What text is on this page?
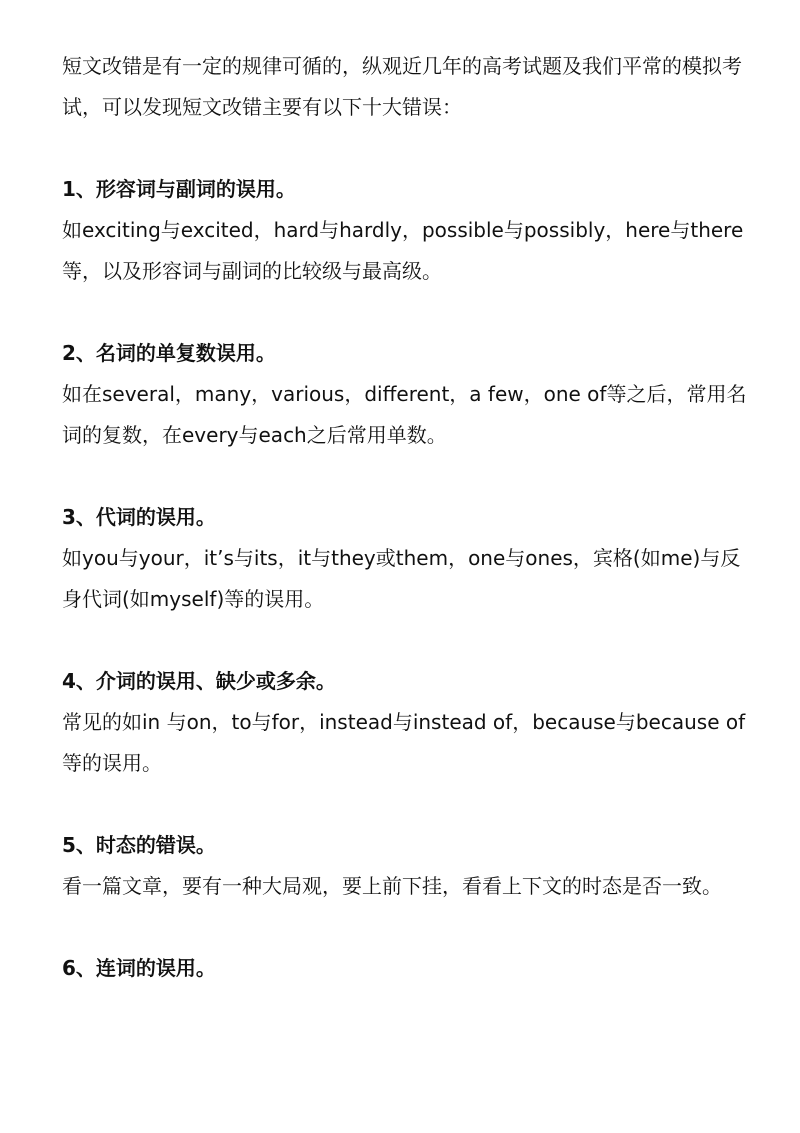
短文改错是有一定的规律可循的，纵观近几年的高考试题及我们平常的模拟考试，可以发现短文改错主要有以下十大错误：

1、形容词与副词的误用。

如exciting与excited，hard与hardly，possible与possibly，here与there等，以及形容词与副词的比较级与最高级。

2、名词的单复数误用。

如在several，many，various，different，a few，one of等之后，常用名词的复数，在every与each之后常用单数。

3、代词的误用。

如you与your，it’s与its，it与they或them，one与ones，宾格(如me)与反身代词(如myself)等的误用。

4、介词的误用、缺少或多余。

常见的如in 与on，to与for，instead与instead of，because与because of等的误用。

5、时态的错误。

看一篇文章，要有一种大局观，要上前下挂，看看上下文的时态是否一致。

6、连词的误用。
